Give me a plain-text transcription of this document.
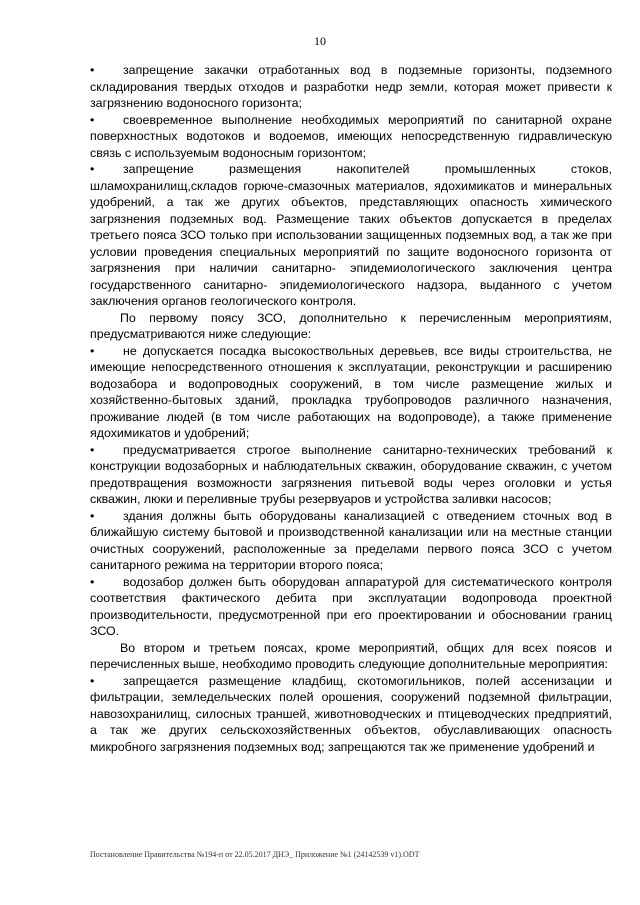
10

• запрещение закачки отработанных вод в подземные горизонты, подземного складирования твердых отходов и разработки недр земли, которая может привести к загрязнению водоносного горизонта;

• своевременное выполнение необходимых мероприятий по санитарной охране поверхностных водотоков и водоемов, имеющих непосредственную гидравлическую связь с используемым водоносным горизонтом;

• запрещение размещения накопителей промышленных стоков, шламохранилищ,складов горюче-смазочных материалов, ядохимикатов и минеральных удобрений, а так же других объектов, представляющих опасность химического загрязнения подземных вод. Размещение таких объектов допускается в пределах третьего пояса ЗСО только при использовании защищенных подземных вод, а так же при условии проведения специальных мероприятий по защите водоносного горизонта от загрязнения при наличии санитарно- эпидемиологического заключения центра государственного санитарно- эпидемиологического надзора, выданного с учетом заключения органов геологического контроля.

По первому поясу ЗСО, дополнительно к перечисленным мероприятиям, предусматриваются ниже следующие:

• не допускается посадка высокоствольных деревьев, все виды строительства, не имеющие непосредственного отношения к эксплуатации, реконструкции и расширению водозабора и водопроводных сооружений, в том числе размещение жилых и хозяйственно-бытовых зданий, прокладка трубопроводов различного назначения, проживание людей (в том числе работающих на водопроводе), а также применение ядохимикатов и удобрений;

• предусматривается строгое выполнение санитарно-технических требований к конструкции водозаборных и наблюдательных скважин, оборудование скважин, с учетом предотвращения возможности загрязнения питьевой воды через оголовки и устья скважин, люки и переливные трубы резервуаров и устройства заливки насосов;

• здания должны быть оборудованы канализацией с отведением сточных вод в ближайшую систему бытовой и производственной канализации или на местные станции очистных сооружений, расположенные за пределами первого пояса ЗСО с учетом санитарного режима на территории второго пояса;

• водозабор должен быть оборудован аппаратурой для систематического контроля соответствия фактического дебита при эксплуатации водопровода проектной производительности, предусмотренной при его проектировании и обосновании границ ЗСО.

Во втором и третьем поясах, кроме мероприятий, общих для всех поясов и перечисленных выше, необходимо проводить следующие дополнительные мероприятия:

• запрещается размещение кладбищ, скотомогильников, полей ассенизации и фильтрации, земледельческих полей орошения, сооружений подземной фильтрации, навозохранилищ, силосных траншей, животноводческих и птицеводческих предприятий, а так же других сельскохозяйственных объектов, обуславливающих опасность микробного загрязнения подземных вод; запрещаются так же применение удобрений и

Постановление Правительства №194-п от 22.05.2017 ДНЭ_ Приложение №1 (24142539 v1).ODT
